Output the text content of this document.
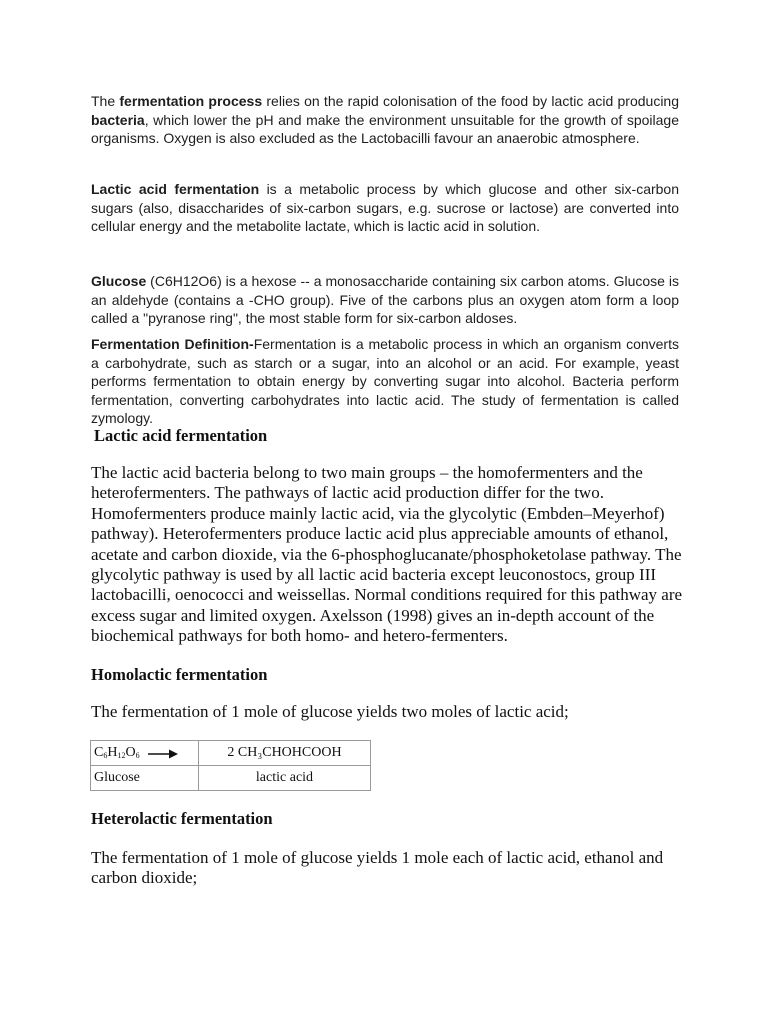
The fermentation process relies on the rapid colonisation of the food by lactic acid producing bacteria, which lower the pH and make the environment unsuitable for the growth of spoilage organisms. Oxygen is also excluded as the Lactobacilli favour an anaerobic atmosphere.

Lactic acid fermentation is a metabolic process by which glucose and other six-carbon sugars (also, disaccharides of six-carbon sugars, e.g. sucrose or lactose) are converted into cellular energy and the metabolite lactate, which is lactic acid in solution.

Glucose (C6H12O6) is a hexose -- a monosaccharide containing six carbon atoms. Glucose is an aldehyde (contains a -CHO group). Five of the carbons plus an oxygen atom form a loop called a "pyranose ring", the most stable form for six-carbon aldoses.

Fermentation Definition-Fermentation is a metabolic process in which an organism converts a carbohydrate, such as starch or a sugar, into an alcohol or an acid. For example, yeast performs fermentation to obtain energy by converting sugar into alcohol. Bacteria perform fermentation, converting carbohydrates into lactic acid. The study of fermentation is called zymology.

Lactic acid fermentation

The lactic acid bacteria belong to two main groups – the homofermenters and the heterofermenters. The pathways of lactic acid production differ for the two. Homofermenters produce mainly lactic acid, via the glycolytic (Embden–Meyerhof) pathway). Heterofermenters produce lactic acid plus appreciable amounts of ethanol, acetate and carbon dioxide, via the 6-phosphoglucanate/phosphoketolase pathway. The glycolytic pathway is used by all lactic acid bacteria except leuconostocs, group III lactobacilli, oenococci and weissellas. Normal conditions required for this pathway are excess sugar and limited oxygen. Axelsson (1998) gives an in-depth account of the biochemical pathways for both homo- and hetero-fermenters.

Homolactic fermentation

The fermentation of 1 mole of glucose yields two moles of lactic acid;

$C_6H_{12}O_6$	2 CH₃CHOHCOOH
Glucose	lactic acid
Heterolactic fermentation

The fermentation of 1 mole of glucose yields 1 mole each of lactic acid, ethanol and carbon dioxide;
